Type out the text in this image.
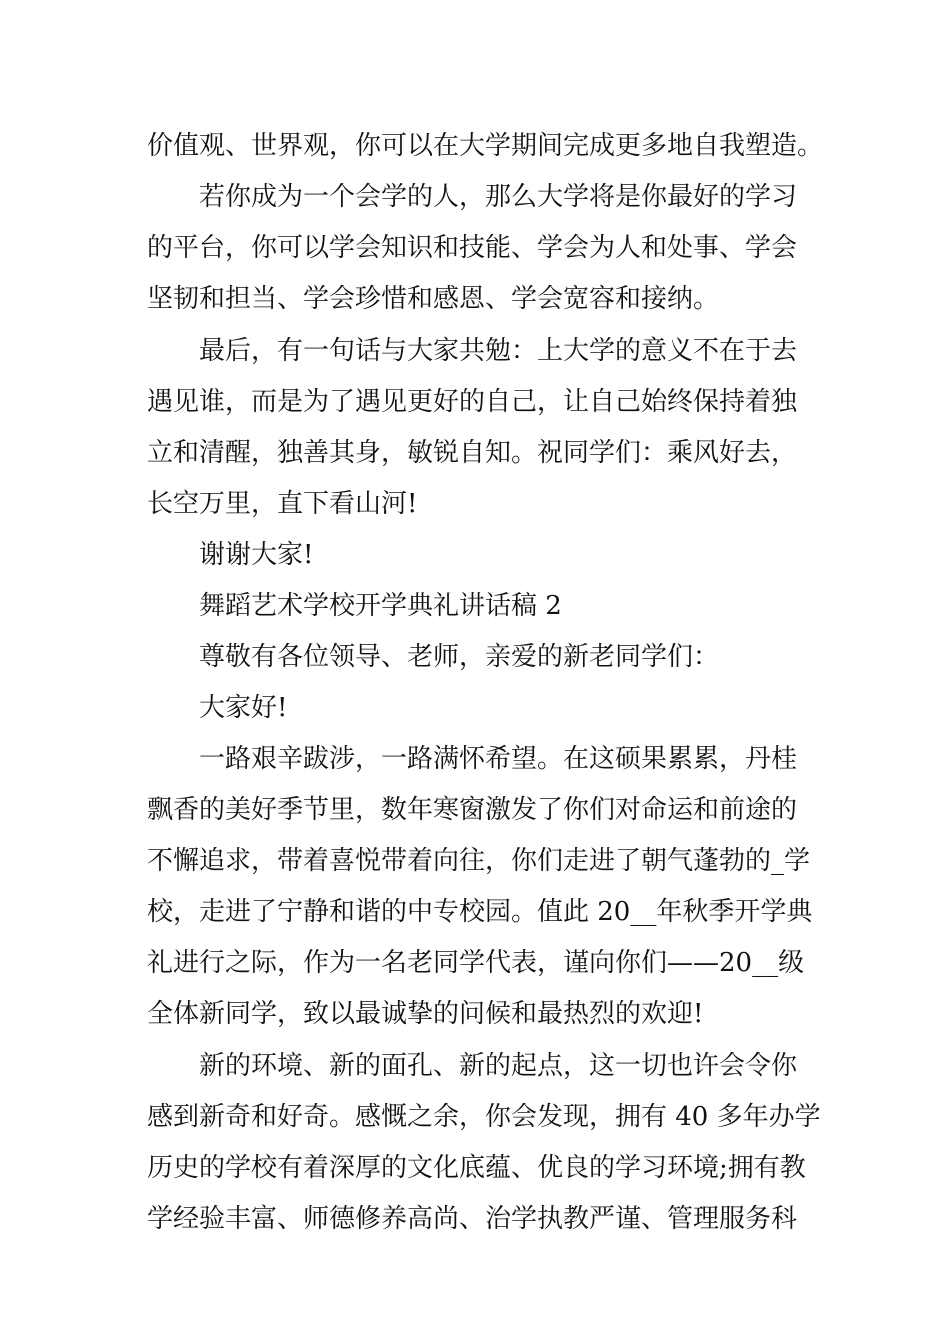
价值观、世界观，你可以在大学期间完成更多地自我塑造。
若你成为一个会学的人，那么大学将是你最好的学习
的平台，你可以学会知识和技能、学会为人和处事、学会
坚韧和担当、学会珍惜和感恩、学会宽容和接纳。
最后，有一句话与大家共勉：上大学的意义不在于去
遇见谁，而是为了遇见更好的自己，让自己始终保持着独
立和清醒，独善其身，敏锐自知。祝同学们：乘风好去，
长空万里，直下看山河!
谢谢大家!
舞蹈艺术学校开学典礼讲话稿 2
尊敬有各位领导、老师，亲爱的新老同学们：
大家好!
一路艰辛跋涉，一路满怀希望。在这硕果累累，丹桂
飘香的美好季节里，数年寒窗激发了你们对命运和前途的
不懈追求，带着喜悦带着向往，你们走进了朝气蓬勃的_学
校，走进了宁静和谐的中专校园。值此 20__年秋季开学典
礼进行之际，作为一名老同学代表，谨向你们——20__级
全体新同学，致以最诚挚的问候和最热烈的欢迎!
新的环境、新的面孔、新的起点，这一切也许会令你
感到新奇和好奇。感慨之余，你会发现，拥有 40 多年办学
历史的学校有着深厚的文化底蕴、优良的学习环境;拥有教
学经验丰富、师德修养高尚、治学执教严谨、管理服务科
